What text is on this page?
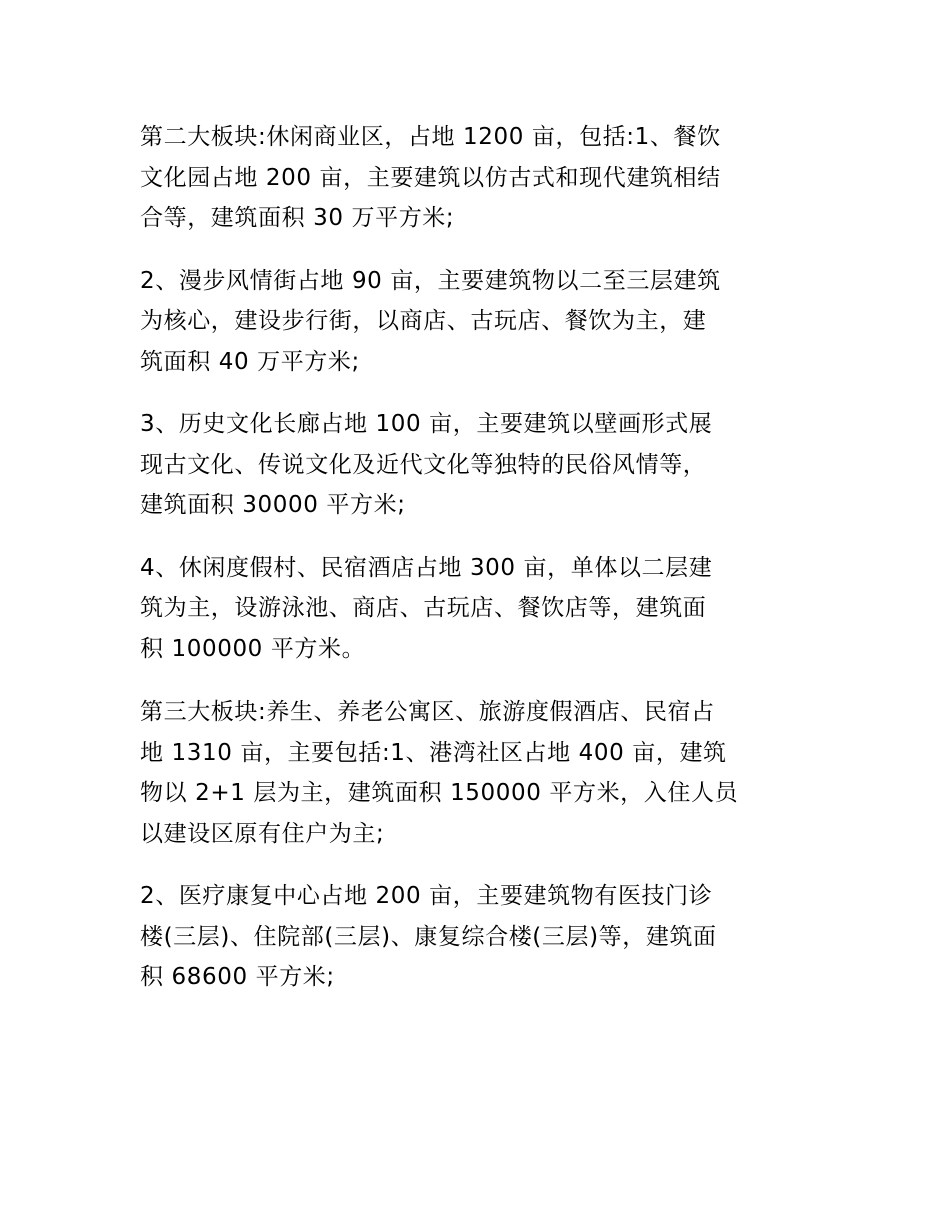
第二大板块:休闲商业区，占地 1200 亩，包括:1、餐饮
文化园占地 200 亩，主要建筑以仿古式和现代建筑相结
合等，建筑面积 30 万平方米;

2、漫步风情街占地 90 亩，主要建筑物以二至三层建筑
为核心，建设步行街，以商店、古玩店、餐饮为主，建
筑面积 40 万平方米;

3、历史文化长廊占地 100 亩，主要建筑以壁画形式展
现古文化、传说文化及近代文化等独特的民俗风情等，
建筑面积 30000 平方米;

4、休闲度假村、民宿酒店占地 300 亩，单体以二层建
筑为主，设游泳池、商店、古玩店、餐饮店等，建筑面
积 100000 平方米。

第三大板块:养生、养老公寓区、旅游度假酒店、民宿占
地 1310 亩，主要包括:1、港湾社区占地 400 亩，建筑
物以 2+1 层为主，建筑面积 150000 平方米，入住人员
以建设区原有住户为主;

2、医疗康复中心占地 200 亩，主要建筑物有医技门诊
楼(三层)、住院部(三层)、康复综合楼(三层)等，建筑面
积 68600 平方米;
